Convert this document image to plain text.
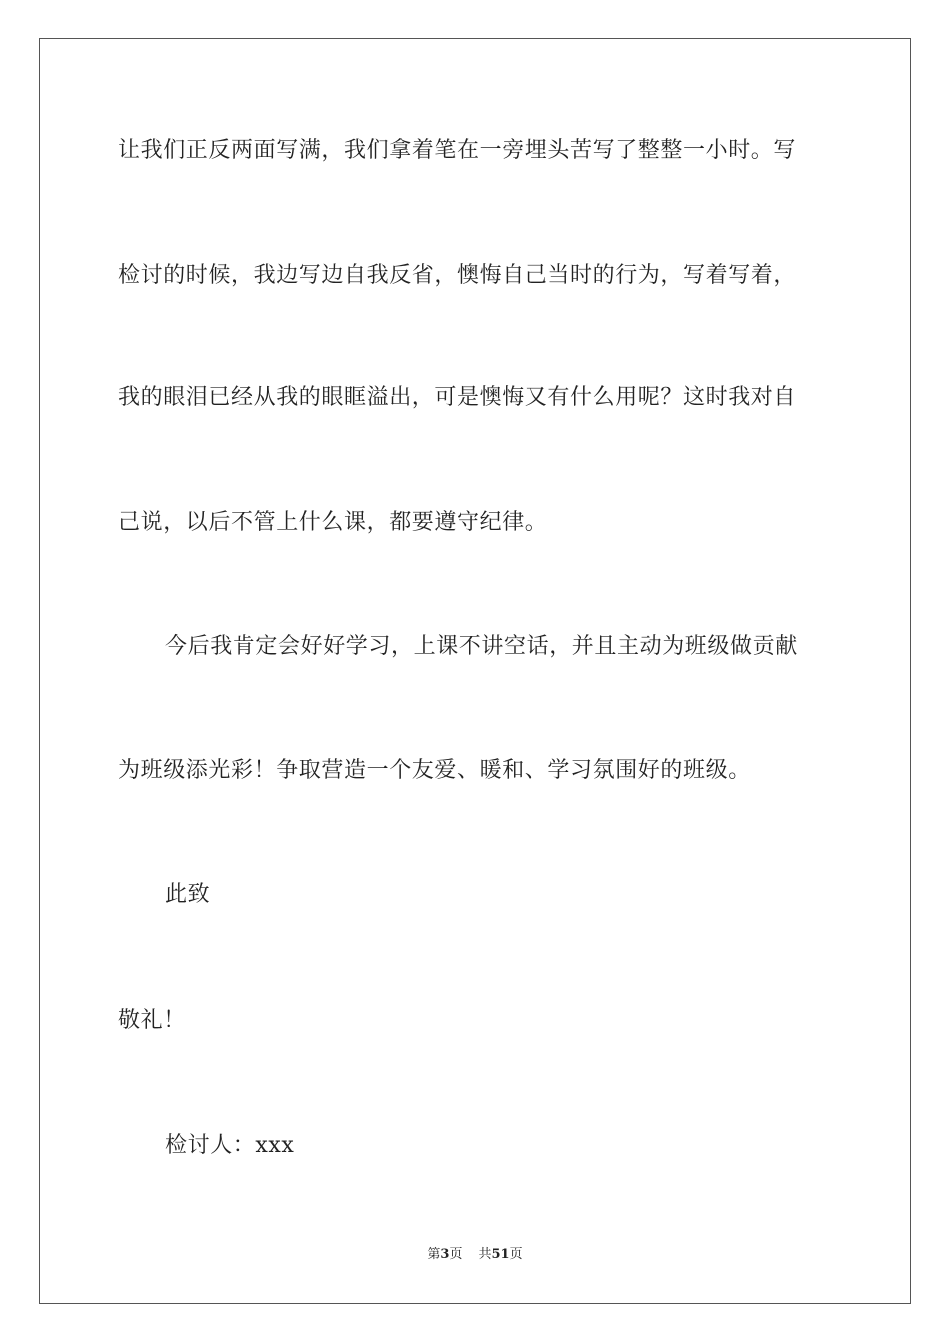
让我们正反两面写满，我们拿着笔在一旁埋头苦写了整整一小时。写
检讨的时候，我边写边自我反省，懊悔自己当时的行为，写着写着，
我的眼泪已经从我的眼眶溢出，可是懊悔又有什么用呢？这时我对自
己说，以后不管上什么课，都要遵守纪律。
今后我肯定会好好学习，上课不讲空话，并且主动为班级做贡献
为班级添光彩！争取营造一个友爱、暖和、学习氛围好的班级。
此致
敬礼！
检讨人：xxx
第3页 共51页
